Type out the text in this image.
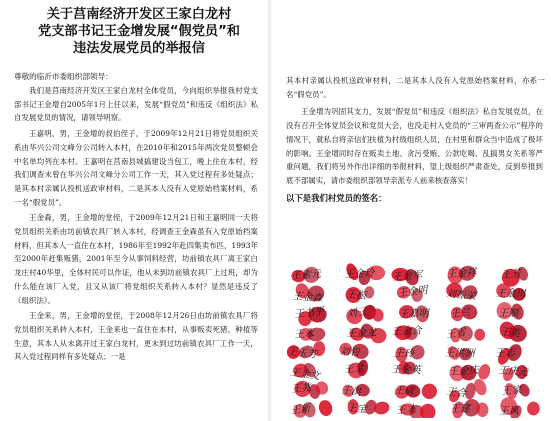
关于莒南经济开发区王家白龙村
党支部书记王金增发展“假党员”和
违法发展党员的举报信
尊敬的临沂市委组织部领导：
我们是莒南经济开发区王家白龙村全体党员，今向组织举报我村党支部书记王金增自2005年1月上任以来，发展“假党员”和违反《组织法》私自发展党员的情况，请领导明察。
王嘉明，男，王金增的叔伯侄子，于2009年12月21日将党员组织关系由华兴公司文峰分公司转入本村，在2010年和2015年两次党员整顿会中名单均列在本村。王嘉明在莒南县城搞建设当包工，晚上住在本村，经我们调查未曾在华兴公司文峰分公司工作一天，其入党过程有多处疑点；是其本村亲属认投机送政审材料，二是其本人没有入党原始档案材料，系一名“假党员”。
王金森，男，王金增的堂侄，于2009年12月21日和王嘉明同一天将党员组织关系由坊前镇农具厂转入本村，经调查王金森虽有入党原始档案材料，但其本人一直住在本村，1986年至1992年赴四集卖布匹，1993年至2000年赶集贩猪，2001年至今从事饲料经营，坊前镇农具厂离王家白龙庄村40华里，全体村民可以作证，他从未到坊前镇农具厂上过班，却为什么能在该厂入党，且又从该厂将党组织关系转入本村？显然是违反了《组织法》。
王金来，男，王金增的堂侄，于2008年12月26日由坊前镇农具厂将党员组织关系转入本村，王金来也一直住在本村，从事贩卖死猪、种植等生意，其本人从未离开过王家白龙村，更未到过坊前镇农具厂工作一天，其入党过程同样有多处疑点；一是
其本村亲属认投机送政审材料，二是其本人没有入党原始档案材料，亦系一名“假党员”。
王金增为巩固其支力，发展“假党员”和违反《组织法》私自发展党员，在没有召开全体党员会议和党员大会，也没走村入党员的“三审两查公示”程序的情况下，就私自将亲信们扶植为村级组织人员，在村里和群众当中造成了极坏的影响。王金增同时存在贩卖土地、贪污受贿、公款吃喝、乱搞男女关系等严重问题，我们将另外作出详细的举报材料，望上级组织严肃查处，反到举报到底不部属实，请市委组织部领导亲派专人前来核查落实！
以下是我们村党员的签名：
王素元 王金玲 王金军 王金祥 王芳
王金森 王振	王金明 刘振荣 王金川
王书平 刘三	王嘉明 王兰	王顺
王永	王金龙 王金合 王雪	王英
王玉芳 刘岩	王玲	王洪洲 王志
王金文 王全	王金英	王金庆 王庆元
王兆	王洪	王成	王合	王家
王新	王宝	王才	王建	王风
